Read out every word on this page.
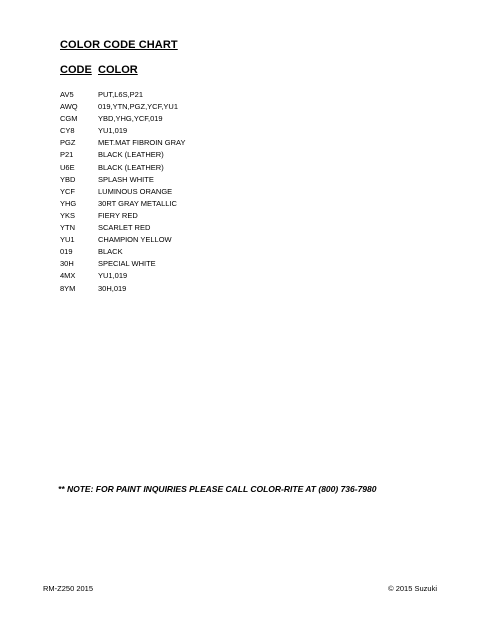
COLOR CODE CHART
CODE COLOR
AV5	PUT,L6S,P21
AWQ	019,YTN,PGZ,YCF,YU1
CGM	YBD,YHG,YCF,019
CY8	YU1,019
PGZ	MET.MAT FIBROIN GRAY
P21	BLACK (LEATHER)
U6E	BLACK (LEATHER)
YBD	SPLASH WHITE
YCF	LUMINOUS ORANGE
YHG	30RT GRAY METALLIC
YKS	FIERY RED
YTN	SCARLET RED
YU1	CHAMPION YELLOW
019	BLACK
30H	SPECIAL WHITE
4MX	YU1,019
8YM	30H,019
** NOTE: FOR PAINT INQUIRIES PLEASE CALL COLOR-RITE AT (800) 736-7980
RM-Z250 2015	© 2015 Suzuki
